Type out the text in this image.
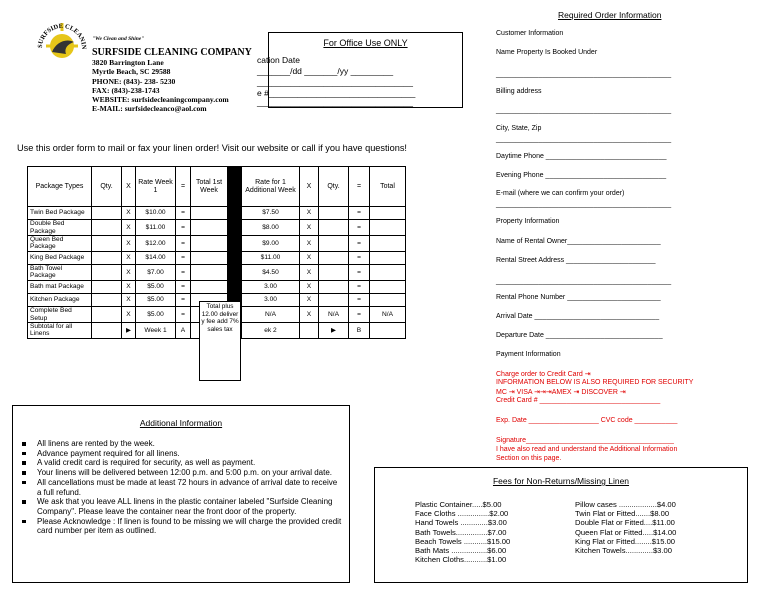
SURFSIDE CLEANIN
"We Clean and Shine"
SURFSIDE CLEANING COMPANY
3820 Barrington Lane
Myrtle Beach, SC 29588
PHONE: (843)- 238- 5230
FAX: (843)-238-1743
WEBSITE: surfsidecleaningcompany.com
E-MAIL: surfsidecleanco@aol.com
For Office Use ONLY
cation Date
_______/dd _______/yy _________
_________________________________
e #_______________________________
_________________________________
Use this order form to mail or fax your linen order! Visit our website or call if you have questions!
Package Types	Qty.	X	Rate Week 1	=	Total 1st Week		Rate for 1 Additional Week	X	Qty.	=	Total
Twin Bed Package		X	$10.00	=			$7.50	X		=	
Double Bed Package		X	$11.00	=			$8.00	X		=	
Queen Bed Package		X	$12.00	=			$9.00	X		=	
King Bed Package		X	$14.00	=			$11.00	X		=	
Bath Towel Package		X	$7.00	=			$4.50	X		=	
Bath mat Package		X	$5.00	=			3.00	X		=	
Kitchen Package		X	$5.00	=			3.00	X		=	
Complete Bed Setup		X	$5.00	=			N/A	X	N/A	=	N/A
Subtotal for all Linens		▶	Week 1	A			ek 2		▶	B	
Total plus 12.00 deliver y fee add 7% sales tax
Additional Information
All linens are rented by the week.
Advance payment required for all linens.
A valid credit card is required for security, as well as payment.
Your linens will be delivered between 12:00 p.m. and 5:00 p.m. on your arrival date.
All cancellations must be made at least 72 hours in advance of arrival date to receive a full refund.
We ask that you leave ALL linens in the plastic container labeled "Surfside Cleaning Company". Please leave the container near the front door of the property.
Please Acknowledge : If linen is found to be missing we will charge the provided credit card number per item as outlined.
Required Order Information
Customer Information
Name Property Is Booked Under
_____________________________________________
Billing address
_____________________________________________
City, State, Zip
_____________________________________________
Daytime Phone _______________________________
Evening Phone _______________________________
E-mail (where we can confirm your order)
_____________________________________________
Property Information
Name of Rental Owner________________________
Rental Street Address _______________________
_____________________________________________
Rental Phone Number ________________________
Arrival Date ________________________________
Departure Date ______________________________
Payment Information
Charge order to Credit Card ⇥
INFORMATION BELOW IS ALSO REQUIRED FOR SECURITY
MC ⇥ VISA ⇥⇥⇥AMEX ⇥ DISCOVER ⇥
Credit Card # _______________________________
Exp. Date __________________ CVC code ___________
Signature______________________________________
I have also read and understand the Additional Information
Section on this page.
Fees for Non-Returns/Missing Linen
Plastic Container.....$5.00
Face Cloths ...............$2.00
Hand Towels .............$3.00
Bath Towels...............$7.00
Beach Towels ...........$15.00
Bath Mats .................$6.00
Kitchen Cloths...........$1.00
Pillow cases ..................$4.00
Twin Flat or Fitted.......$8.00
Double Flat or Fitted....$11.00
Queen Flat or Fitted.....$14.00
King Flat or Fitted........$15.00
Kitchen Towels.............$3.00
